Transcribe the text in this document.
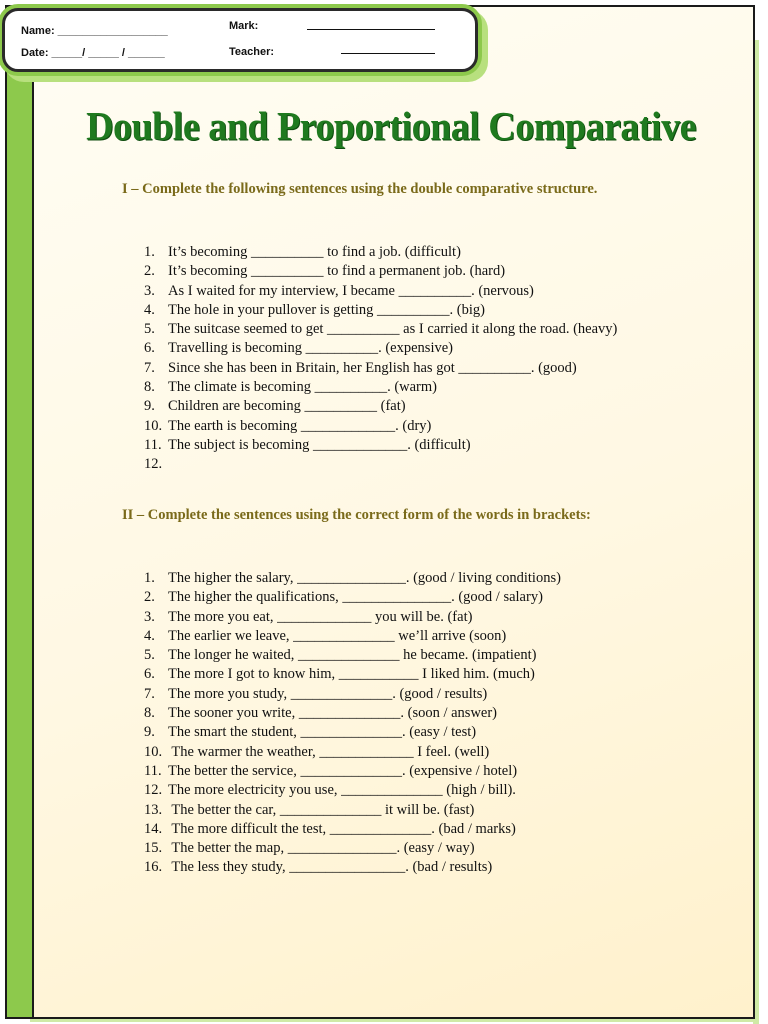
Double and Proportional Comparative
I – Complete the following sentences using the double comparative structure.
1. It’s becoming __________ to find a job. (difficult)
2. It’s becoming __________ to find a permanent job. (hard)
3. As I waited for my interview, I became __________. (nervous)
4. The hole in your pullover is getting __________. (big)
5. The suitcase seemed to get __________ as I carried it along the road. (heavy)
6. Travelling is becoming __________. (expensive)
7. Since she has been in Britain, her English has got __________. (good)
8. The climate is becoming __________. (warm)
9. Children are becoming __________ (fat)
10. The earth is becoming _____________. (dry)
11. The subject is becoming _____________. (difficult)
12.
II – Complete the sentences using the correct form of the words in brackets:
1. The higher the salary, _______________. (good / living conditions)
2. The higher the qualifications, _______________. (good / salary)
3. The more you eat, _____________ you will be. (fat)
4. The earlier we leave, ______________ we’ll arrive (soon)
5. The longer he waited, ______________ he became. (impatient)
6. The more I got to know him, ___________ I liked him. (much)
7. The more you study, ______________. (good / results)
8. The sooner you write, ______________. (soon / answer)
9. The smart the student, ______________. (easy / test)
10. The warmer the weather, _____________ I feel. (well)
11. The better the service, ______________. (expensive / hotel)
12. The more electricity you use, ______________ (high / bill).
13. The better the car, ______________ it will be. (fast)
14. The more difficult the test, ______________. (bad / marks)
15. The better the map, _______________. (easy / way)
16. The less they study, ________________. (bad / results)
Name: __________________
Date: _____/ _____ / ______
Mark:
Teacher:
